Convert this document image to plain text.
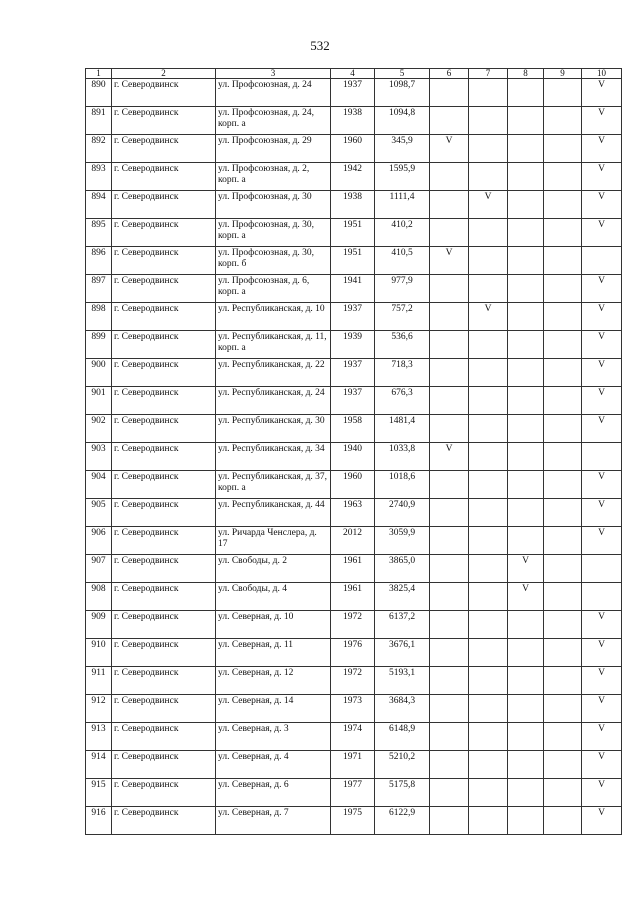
532
1	2	3	4	5	6	7	8	9	10
890	г. Северодвинск	ул. Профсоюзная, д. 24	1937	1098,7					V
891	г. Северодвинск	ул. Профсоюзная, д. 24, корп. а	1938	1094,8					V
892	г. Северодвинск	ул. Профсоюзная, д. 29	1960	345,9	V				V
893	г. Северодвинск	ул. Профсоюзная, д. 2, корп. а	1942	1595,9					V
894	г. Северодвинск	ул. Профсоюзная, д. 30	1938	1111,4		V			V
895	г. Северодвинск	ул. Профсоюзная, д. 30, корп. а	1951	410,2					V
896	г. Северодвинск	ул. Профсоюзная, д. 30, корп. б	1951	410,5	V				
897	г. Северодвинск	ул. Профсоюзная, д. 6, корп. а	1941	977,9					V
898	г. Северодвинск	ул. Республиканская, д. 10	1937	757,2		V			V
899	г. Северодвинск	ул. Республиканская, д. 11, корп. а	1939	536,6					V
900	г. Северодвинск	ул. Республиканская, д. 22	1937	718,3					V
901	г. Северодвинск	ул. Республиканская, д. 24	1937	676,3					V
902	г. Северодвинск	ул. Республиканская, д. 30	1958	1481,4					V
903	г. Северодвинск	ул. Республиканская, д. 34	1940	1033,8	V				
904	г. Северодвинск	ул. Республиканская, д. 37, корп. а	1960	1018,6					V
905	г. Северодвинск	ул. Республиканская, д. 44	1963	2740,9					V
906	г. Северодвинск	ул. Ричарда Ченслера, д. 17	2012	3059,9					V
907	г. Северодвинск	ул. Свободы, д. 2	1961	3865,0			V		
908	г. Северодвинск	ул. Свободы, д. 4	1961	3825,4			V		
909	г. Северодвинск	ул. Северная, д. 10	1972	6137,2					V
910	г. Северодвинск	ул. Северная, д. 11	1976	3676,1					V
911	г. Северодвинск	ул. Северная, д. 12	1972	5193,1					V
912	г. Северодвинск	ул. Северная, д. 14	1973	3684,3					V
913	г. Северодвинск	ул. Северная, д. 3	1974	6148,9					V
914	г. Северодвинск	ул. Северная, д. 4	1971	5210,2					V
915	г. Северодвинск	ул. Северная, д. 6	1977	5175,8					V
916	г. Северодвинск	ул. Северная, д. 7	1975	6122,9					V
